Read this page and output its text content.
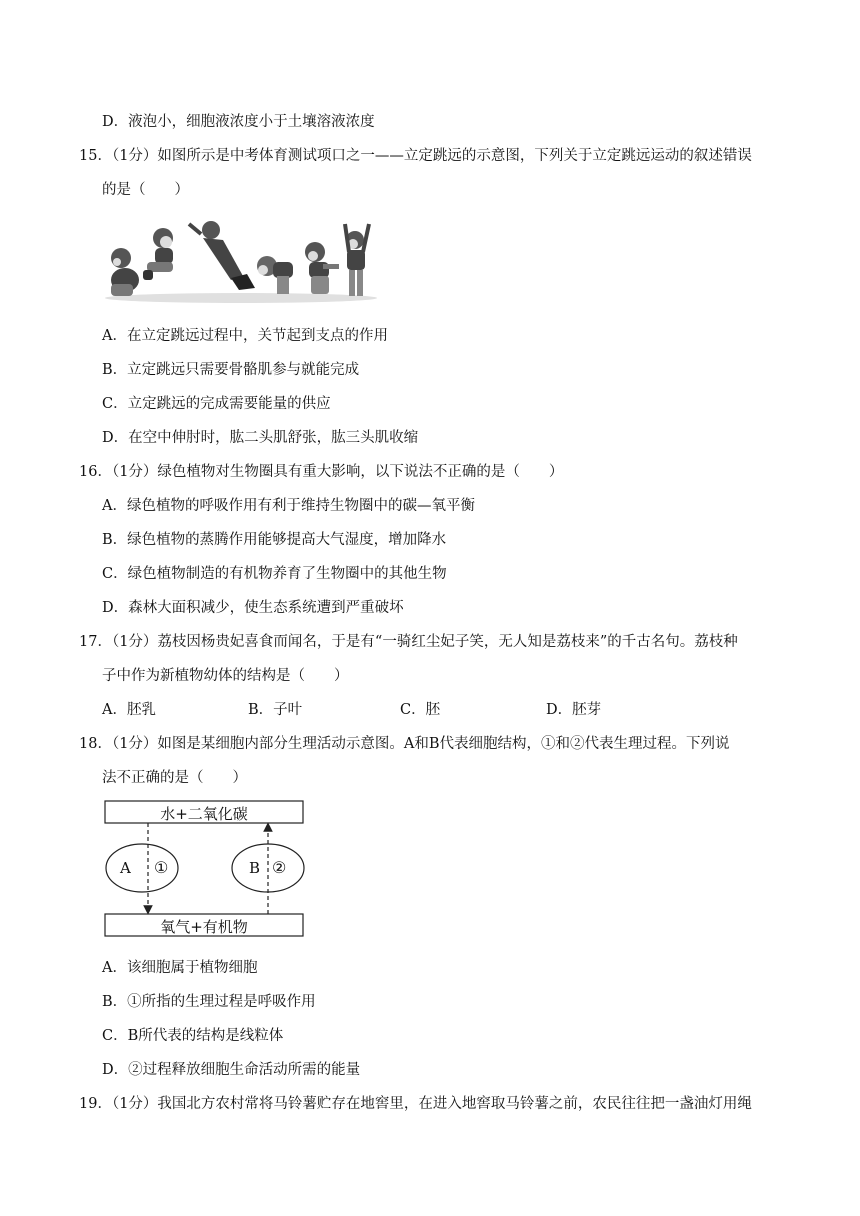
D．液泡小，细胞液浓度小于土壤溶液浓度
15．（1分）如图所示是中考体育测试项口之一——立定跳远的示意图，下列关于立定跳远运动的叙述错误
的是（　　）
A．在立定跳远过程中，关节起到支点的作用
B．立定跳远只需要骨骼肌参与就能完成
C．立定跳远的完成需要能量的供应
D．在空中伸肘时，肱二头肌舒张，肱三头肌收缩
16．（1分）绿色植物对生物圈具有重大影响，以下说法不正确的是（　　）
A．绿色植物的呼吸作用有利于维持生物圈中的碳—氧平衡
B．绿色植物的蒸腾作用能够提高大气湿度，增加降水
C．绿色植物制造的有机物养育了生物圈中的其他生物
D．森林大面积减少，使生态系统遭到严重破坏
17．（1分）荔枝因杨贵妃喜食而闻名，于是有“一骑红尘妃子笑，无人知是荔枝来”的千古名句。荔枝种
子中作为新植物幼体的结构是（　　）
A．胚乳	B．子叶	C．胚	D．胚芽
18．（1分）如图是某细胞内部分生理活动示意图。A和B代表细胞结构，①和②代表生理过程。下列说
法不正确的是（　　）
水+二氧化碳
氧气+有机物
A ①	B ②
A．该细胞属于植物细胞
B．①所指的生理过程是呼吸作用
C．B所代表的结构是线粒体
D．②过程释放细胞生命活动所需的能量
19．（1分）我国北方农村常将马铃薯贮存在地窖里，在进入地窖取马铃薯之前，农民往往把一盏油灯用绳
